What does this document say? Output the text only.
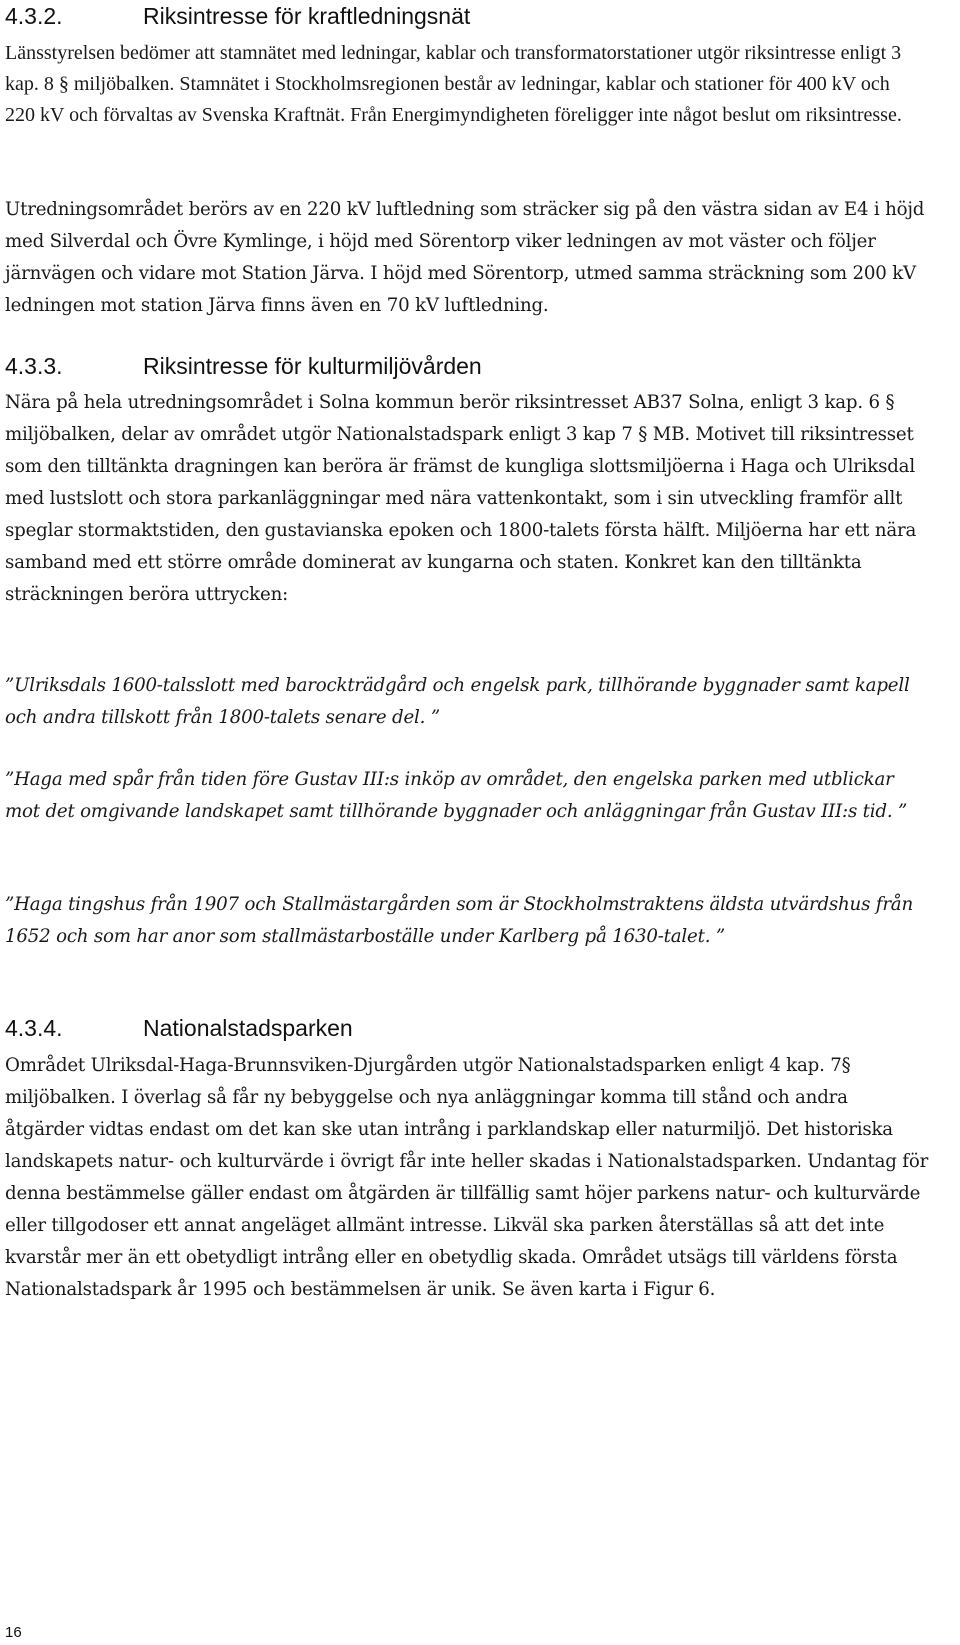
4.3.2.	Riksintresse för kraftledningsnät

Länsstyrelsen bedömer att stamnätet med ledningar, kablar och transformatorstationer utgör riksintresse enligt 3 kap. 8 § miljöbalken. Stamnätet i Stockholmsregionen består av ledningar, kablar och stationer för 400 kV och 220 kV och förvaltas av Svenska Kraftnät. Från Energimyndigheten föreligger inte något beslut om riksintresse.

Utredningsområdet berörs av en 220 kV luftledning som sträcker sig på den västra sidan av E4 i höjd med Silverdal och Övre Kymlinge, i höjd med Sörentorp viker ledningen av mot väster och följer järnvägen och vidare mot Station Järva. I höjd med Sörentorp, utmed samma sträckning som 200 kV ledningen mot station Järva finns även en 70 kV luftledning.

4.3.3.	Riksintresse för kulturmiljövården

Nära på hela utredningsområdet i Solna kommun berör riksintresset AB37 Solna, enligt 3 kap. 6 § miljöbalken, delar av området utgör Nationalstadspark enligt 3 kap 7 § MB. Motivet till riksintresset som den tilltänkta dragningen kan beröra är främst de kungliga slottsmiljöerna i Haga och Ulriksdal med lustslott och stora parkanläggningar med nära vattenkontakt, som i sin utveckling framför allt speglar stormaktstiden, den gustavianska epoken och 1800-talets första hälft. Miljöerna har ett nära samband med ett större område dominerat av kungarna och staten. Konkret kan den tilltänkta sträckningen beröra uttrycken:

”Ulriksdals 1600-talsslott med barockträdgård och engelsk park, tillhörande byggnader samt kapell och andra tillskott från 1800-talets senare del. ”

”Haga med spår från tiden före Gustav III:s inköp av området, den engelska parken med utblickar mot det omgivande landskapet samt tillhörande byggnader och anläggningar från Gustav III:s tid. ”

”Haga tingshus från 1907 och Stallmästargården som är Stockholmstraktens äldsta utvärdshus från 1652 och som har anor som stallmästarboställe under Karlberg på 1630-talet. ”

4.3.4.	Nationalstadsparken

Området Ulriksdal-Haga-Brunnsviken-Djurgården utgör Nationalstadsparken enligt 4 kap. 7§ miljöbalken. I överlag så får ny bebyggelse och nya anläggningar komma till stånd och andra åtgärder vidtas endast om det kan ske utan intrång i parklandskap eller naturmiljö. Det historiska landskapets natur- och kulturvärde i övrigt får inte heller skadas i Nationalstadsparken. Undantag för denna bestämmelse gäller endast om åtgärden är tillfällig samt höjer parkens natur- och kulturvärde eller tillgodoser ett annat angeläget allmänt intresse. Likväl ska parken återställas så att det inte kvarstår mer än ett obetydligt intrång eller en obetydlig skada. Området utsägs till världens första Nationalstadspark år 1995 och bestämmelsen är unik. Se även karta i Figur 6.

16
